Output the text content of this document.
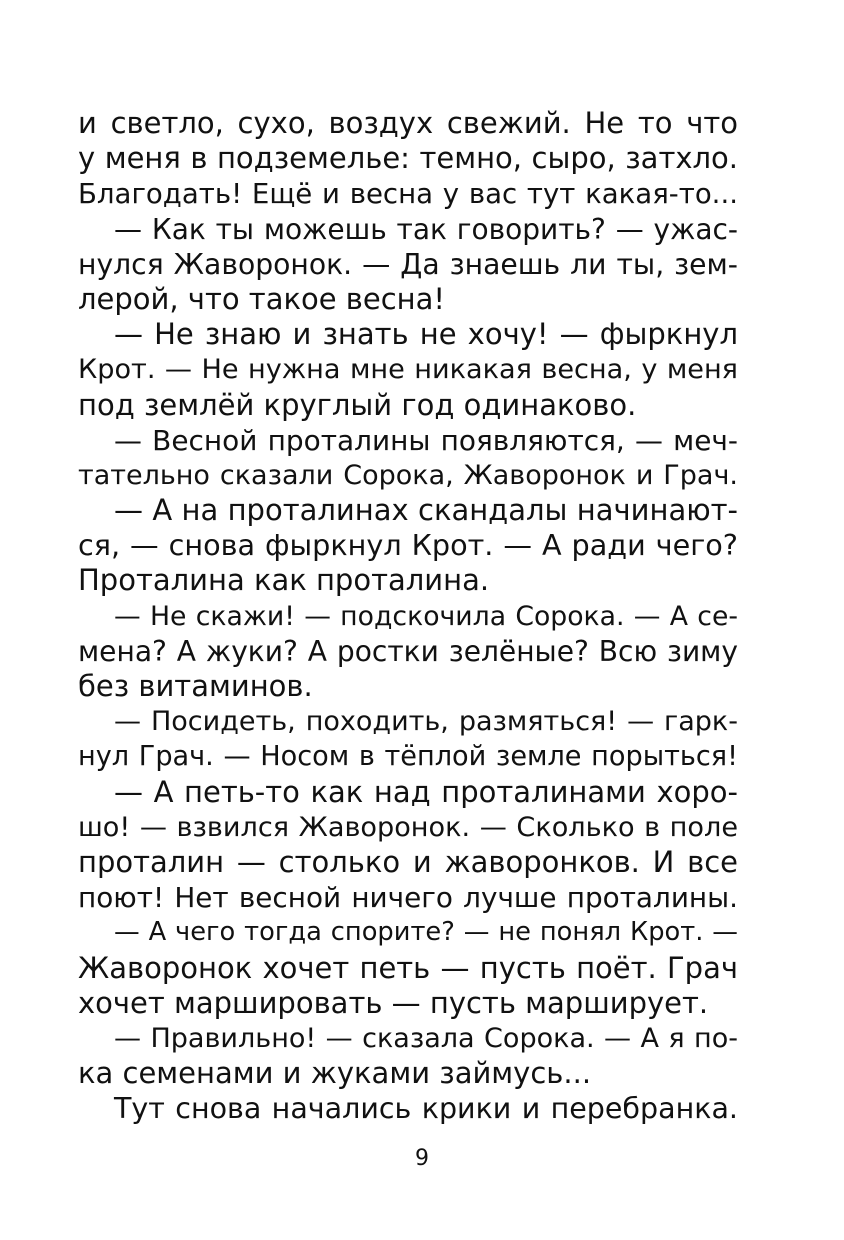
и светло, сухо, воздух свежий. Не то что
у меня в подземелье: темно, сыро, затхло.
Благодать! Ещё и весна у вас тут какая-то...
— Как ты можешь так говорить? — ужас-
нулся Жаворонок. — Да знаешь ли ты, зем-
лерой, что такое весна!
— Не знаю и знать не хочу! — фыркнул
Крот. — Не нужна мне никакая весна, у меня
под землёй круглый год одинаково.
— Весной проталины появляются, — меч-
тательно сказали Сорока, Жаворонок и Грач.
— А на проталинах скандалы начинают-
ся, — снова фыркнул Крот. — А ради чего?
Проталина как проталина.
— Не скажи! — подскочила Сорока. — А се-
мена? А жуки? А ростки зелёные? Всю зиму
без витаминов.
— Посидеть, походить, размяться! — гарк-
нул Грач. — Носом в тёплой земле порыться!
— А петь-то как над проталинами хоро-
шо! — взвился Жаворонок. — Сколько в поле
проталин — столько и жаворонков. И все
поют! Нет весной ничего лучше проталины.
— А чего тогда спорите? — не понял Крот. —
Жаворонок хочет петь — пусть поёт. Грач
хочет маршировать — пусть марширует.
— Правильно! — сказала Сорока. — А я по-
ка семенами и жуками займусь...
Тут снова начались крики и перебранка.
9
